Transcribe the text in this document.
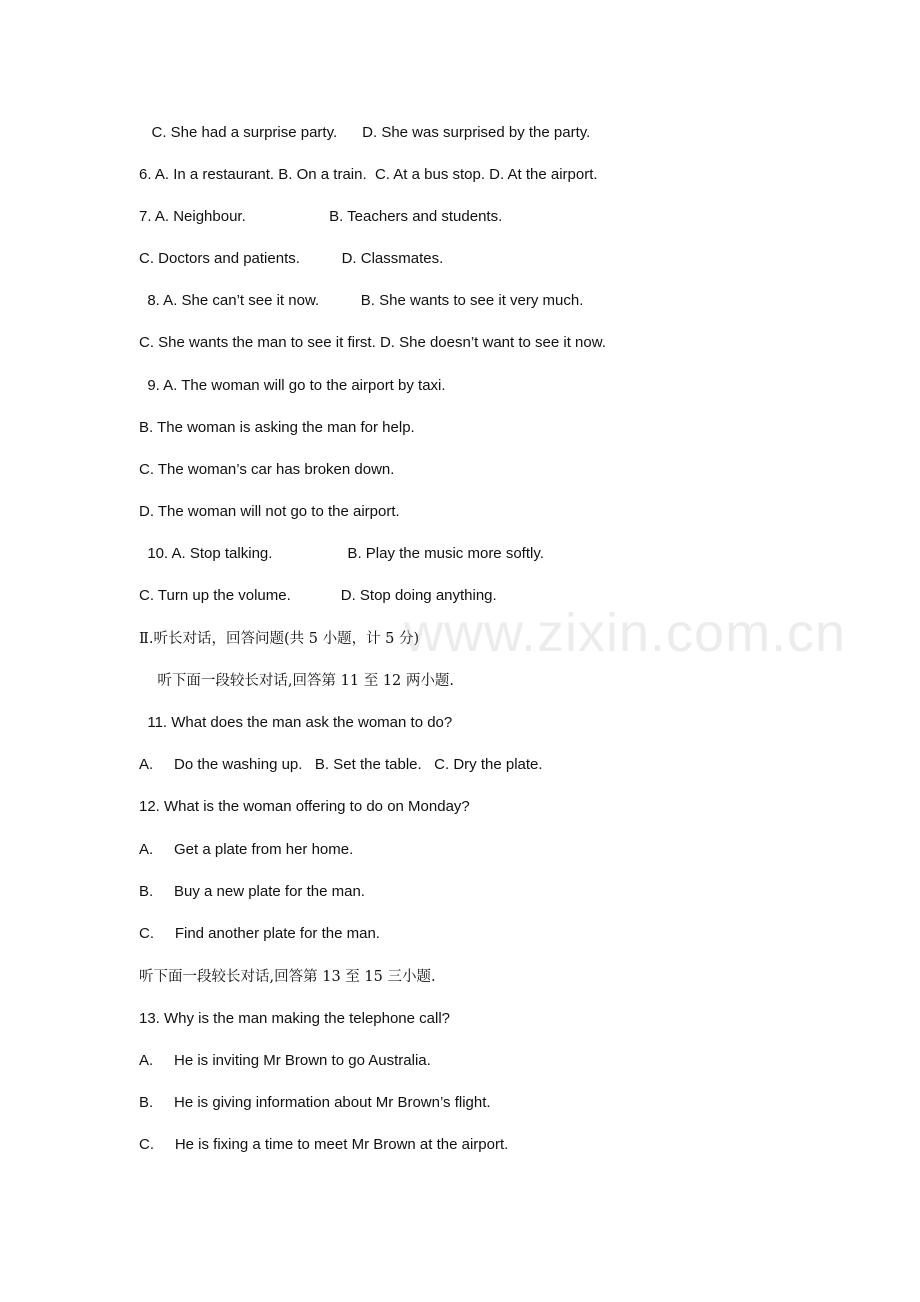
C. She had a surprise party.      D. She was surprised by the party.
6. A. In a restaurant. B. On a train.  C. At a bus stop. D. At the airport.
7. A. Neighbour.                    B. Teachers and students.
C. Doctors and patients.          D. Classmates.
8. A. She can’t see it now.          B. She wants to see it very much.
C. She wants the man to see it first. D. She doesn’t want to see it now.
9. A. The woman will go to the airport by taxi.
B. The woman is asking the man for help.
C. The woman’s car has broken down.
D. The woman will not go to the airport.
10. A. Stop talking.                  B. Play the music more softly.
C. Turn up the volume.            D. Stop doing anything.
Ⅱ.听长对话，回答问题(共 5 小题，计 5 分)
听下面一段较长对话,回答第 11 至 12 两小题.
11. What does the man ask the woman to do?
A.     Do the washing up.   B. Set the table.   C. Dry the plate.
12. What is the woman offering to do on Monday?
A.     Get a plate from her home.
B.     Buy a new plate for the man.
C.     Find another plate for the man.
听下面一段较长对话,回答第 13 至 15 三小题.
13. Why is the man making the telephone call?
A.     He is inviting Mr Brown to go Australia.
B.     He is giving information about Mr Brown’s flight.
C.     He is fixing a time to meet Mr Brown at the airport.
www.zixin.com.cn
